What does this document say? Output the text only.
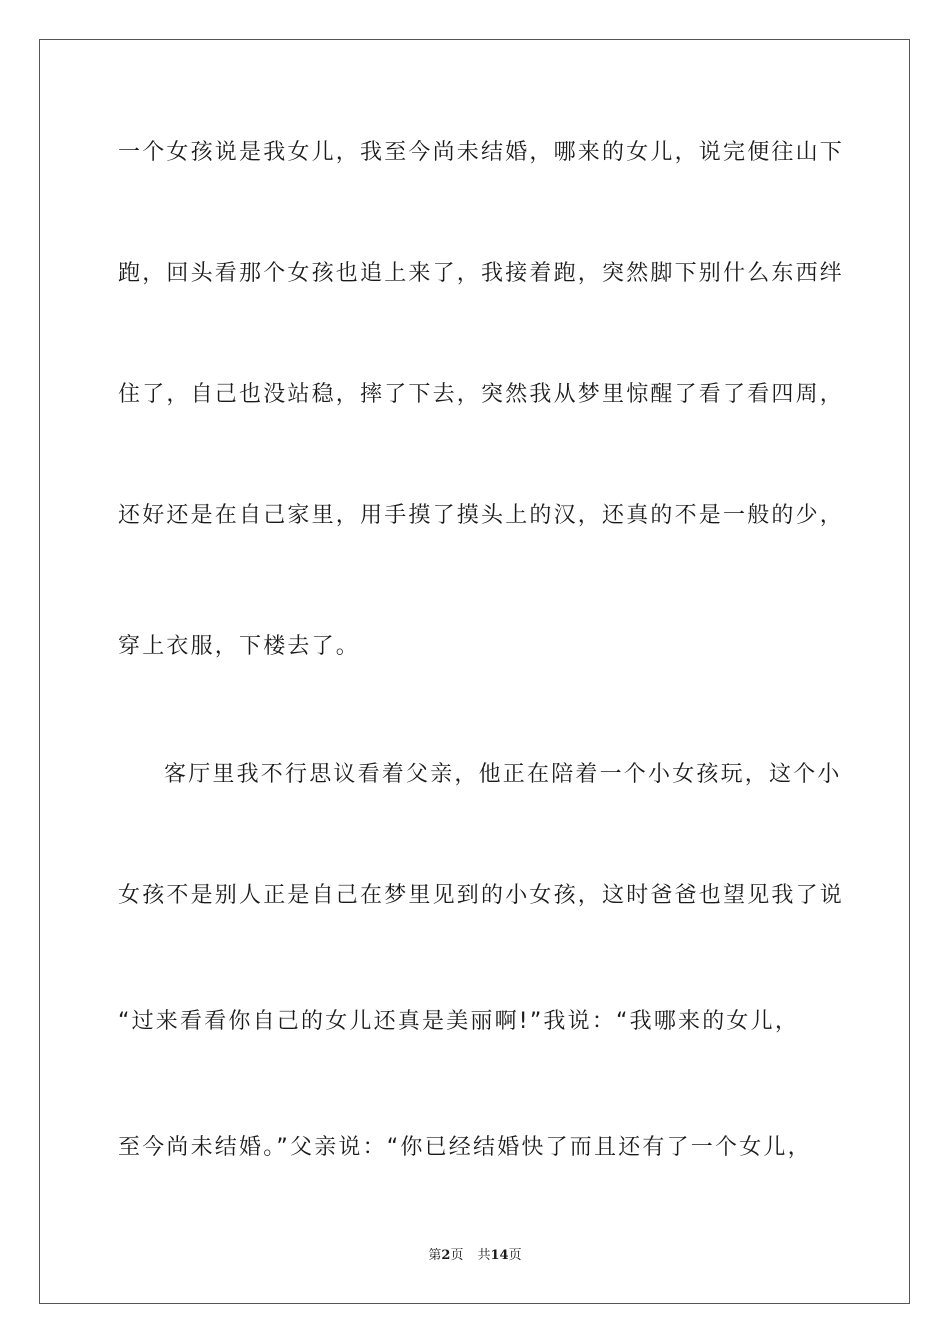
一个女孩说是我女儿，我至今尚未结婚，哪来的女儿，说完便往山下
跑，回头看那个女孩也追上来了，我接着跑，突然脚下别什么东西绊
住了，自己也没站稳，摔了下去，突然我从梦里惊醒了看了看四周，
还好还是在自己家里，用手摸了摸头上的汉，还真的不是一般的少，
穿上衣服，下楼去了。
客厅里我不行思议看着父亲，他正在陪着一个小女孩玩，这个小
女孩不是别人正是自己在梦里见到的小女孩，这时爸爸也望见我了说
“过来看看你自己的女儿还真是美丽啊!”我说：“我哪来的女儿，
至今尚未结婚。”父亲说：“你已经结婚快了而且还有了一个女儿，
第2页 共14页
